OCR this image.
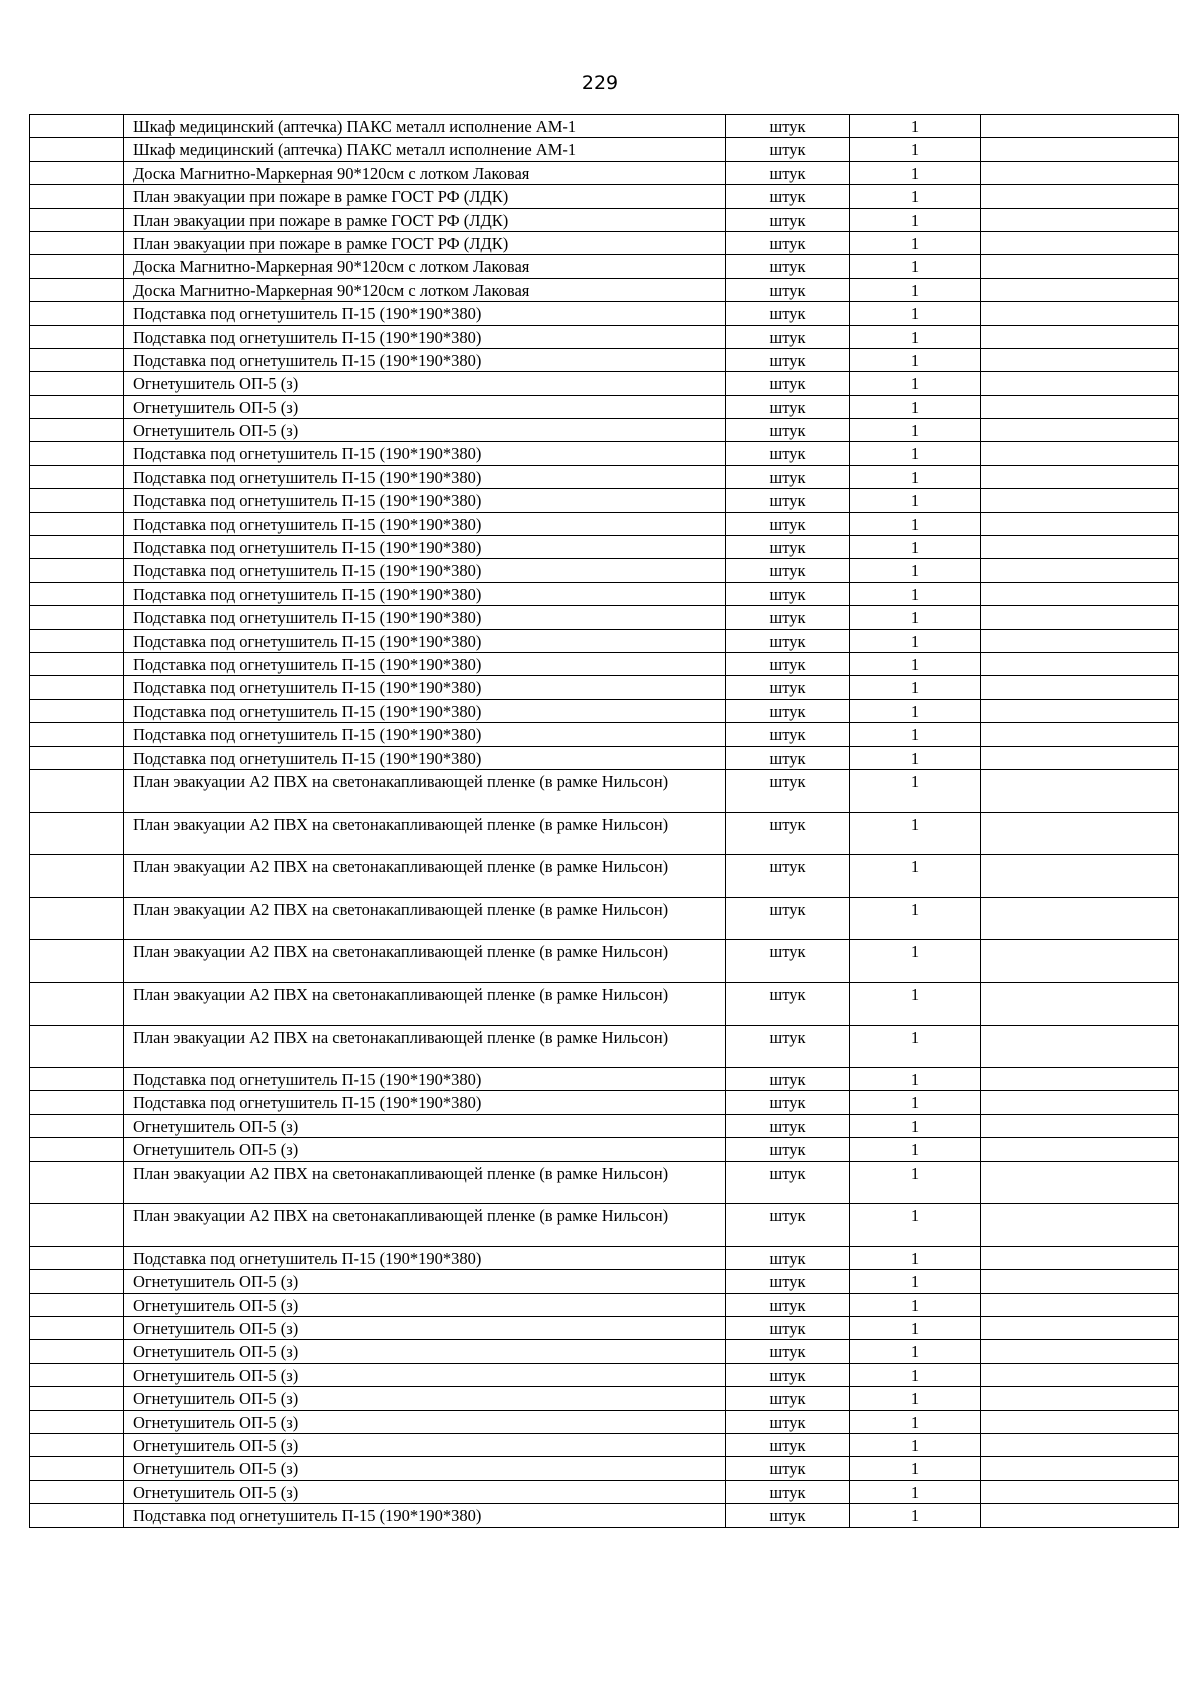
229

	Шкаф медицинский (аптечка) ПАКС металл исполнение АМ-1	штук	1	

	Шкаф медицинский (аптечка) ПАКС металл исполнение АМ-1	штук	1	

	Доска Магнитно-Маркерная 90*120см с лотком Лаковая	штук	1	

	План эвакуации при пожаре в рамке ГОСТ РФ (ЛДК)	штук	1	

	План эвакуации при пожаре в рамке ГОСТ РФ (ЛДК)	штук	1	

	План эвакуации при пожаре в рамке ГОСТ РФ (ЛДК)	штук	1	

	Доска Магнитно-Маркерная 90*120см с лотком Лаковая	штук	1	

	Доска Магнитно-Маркерная 90*120см с лотком Лаковая	штук	1	

	Подставка под огнетушитель П-15 (190*190*380)	штук	1	

	Подставка под огнетушитель П-15 (190*190*380)	штук	1	

	Подставка под огнетушитель П-15 (190*190*380)	штук	1	

	Огнетушитель ОП-5 (з)	штук	1	

	Огнетушитель ОП-5 (з)	штук	1	

	Огнетушитель ОП-5 (з)	штук	1	

	Подставка под огнетушитель П-15 (190*190*380)	штук	1	

	Подставка под огнетушитель П-15 (190*190*380)	штук	1	

	Подставка под огнетушитель П-15 (190*190*380)	штук	1	

	Подставка под огнетушитель П-15 (190*190*380)	штук	1	

	Подставка под огнетушитель П-15 (190*190*380)	штук	1	

	Подставка под огнетушитель П-15 (190*190*380)	штук	1	

	Подставка под огнетушитель П-15 (190*190*380)	штук	1	

	Подставка под огнетушитель П-15 (190*190*380)	штук	1	

	Подставка под огнетушитель П-15 (190*190*380)	штук	1	

	Подставка под огнетушитель П-15 (190*190*380)	штук	1	

	Подставка под огнетушитель П-15 (190*190*380)	штук	1	

	Подставка под огнетушитель П-15 (190*190*380)	штук	1	

	Подставка под огнетушитель П-15 (190*190*380)	штук	1	

	Подставка под огнетушитель П-15 (190*190*380)	штук	1	

	План эвакуации А2 ПВХ на светонакапливающей пленке (в рамке Нильсон)	штук	1	

	План эвакуации А2 ПВХ на светонакапливающей пленке (в рамке Нильсон)	штук	1	

	План эвакуации А2 ПВХ на светонакапливающей пленке (в рамке Нильсон)	штук	1	

	План эвакуации А2 ПВХ на светонакапливающей пленке (в рамке Нильсон)	штук	1	

	План эвакуации А2 ПВХ на светонакапливающей пленке (в рамке Нильсон)	штук	1	

	План эвакуации А2 ПВХ на светонакапливающей пленке (в рамке Нильсон)	штук	1	

	План эвакуации А2 ПВХ на светонакапливающей пленке (в рамке Нильсон)	штук	1	

	Подставка под огнетушитель П-15 (190*190*380)	штук	1	

	Подставка под огнетушитель П-15 (190*190*380)	штук	1	

	Огнетушитель ОП-5 (з)	штук	1	

	Огнетушитель ОП-5 (з)	штук	1	

	План эвакуации А2 ПВХ на светонакапливающей пленке (в рамке Нильсон)	штук	1	

	План эвакуации А2 ПВХ на светонакапливающей пленке (в рамке Нильсон)	штук	1	

	Подставка под огнетушитель П-15 (190*190*380)	штук	1	

	Огнетушитель ОП-5 (з)	штук	1	

	Огнетушитель ОП-5 (з)	штук	1	

	Огнетушитель ОП-5 (з)	штук	1	

	Огнетушитель ОП-5 (з)	штук	1	

	Огнетушитель ОП-5 (з)	штук	1	

	Огнетушитель ОП-5 (з)	штук	1	

	Огнетушитель ОП-5 (з)	штук	1	

	Огнетушитель ОП-5 (з)	штук	1	

	Огнетушитель ОП-5 (з)	штук	1	

	Огнетушитель ОП-5 (з)	штук	1	

	Подставка под огнетушитель П-15 (190*190*380)	штук	1	
